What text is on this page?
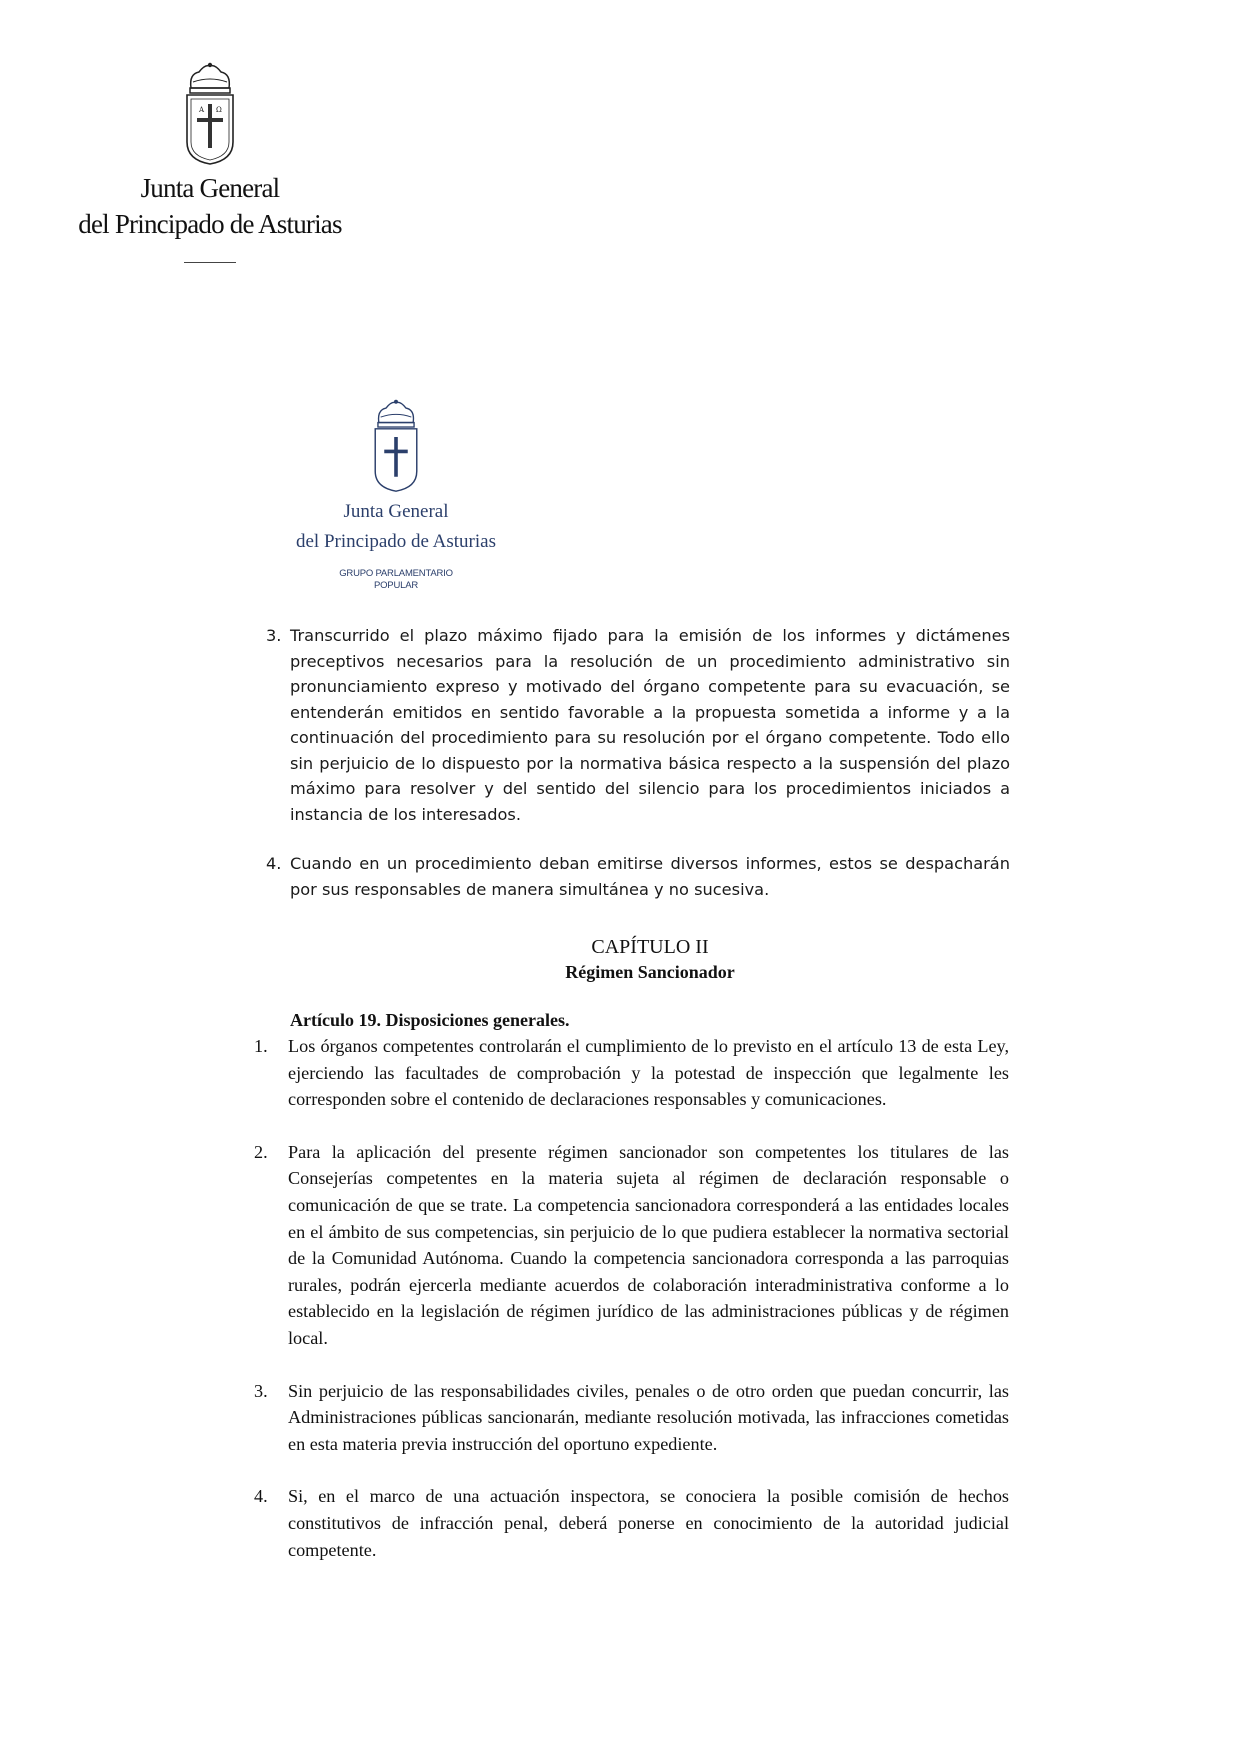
A Ω
Junta General
del Principado de Asturias
Junta General
del Principado de Asturias
GRUPO PARLAMENTARIO
POPULAR
3. Transcurrido el plazo máximo fijado para la emisión de los informes y dictámenes preceptivos necesarios para la resolución de un procedimiento administrativo sin pronunciamiento expreso y motivado del órgano competente para su evacuación, se entenderán emitidos en sentido favorable a la propuesta sometida a informe y a la continuación del procedimiento para su resolución por el órgano competente. Todo ello sin perjuicio de lo dispuesto por la normativa básica respecto a la suspensión del plazo máximo para resolver y del sentido del silencio para los procedimientos iniciados a instancia de los interesados.
4. Cuando en un procedimiento deban emitirse diversos informes, estos se despacharán por sus responsables de manera simultánea y no sucesiva.
CAPÍTULO II
Régimen Sancionador
Artículo 19. Disposiciones generales.
1.	Los órganos competentes controlarán el cumplimiento de lo previsto en el artículo 13 de esta Ley, ejerciendo las facultades de comprobación y la potestad de inspección que legalmente les corresponden sobre el contenido de declaraciones responsables y comunicaciones.
2.	Para la aplicación del presente régimen sancionador son competentes los titulares de las Consejerías competentes en la materia sujeta al régimen de declaración responsable o comunicación de que se trate. La competencia sancionadora corresponderá a las entidades locales en el ámbito de sus competencias, sin perjuicio de lo que pudiera establecer la normativa sectorial de la Comunidad Autónoma. Cuando la competencia sancionadora corresponda a las parroquias rurales, podrán ejercerla mediante acuerdos de colaboración interadministrativa conforme a lo establecido en la legislación de régimen jurídico de las administraciones públicas y de régimen local.
3.	Sin perjuicio de las responsabilidades civiles, penales o de otro orden que puedan concurrir, las Administraciones públicas sancionarán, mediante resolución motivada, las infracciones cometidas en esta materia previa instrucción del oportuno expediente.
4.	Si, en el marco de una actuación inspectora, se conociera la posible comisión de hechos constitutivos de infracción penal, deberá ponerse en conocimiento de la autoridad judicial competente.
